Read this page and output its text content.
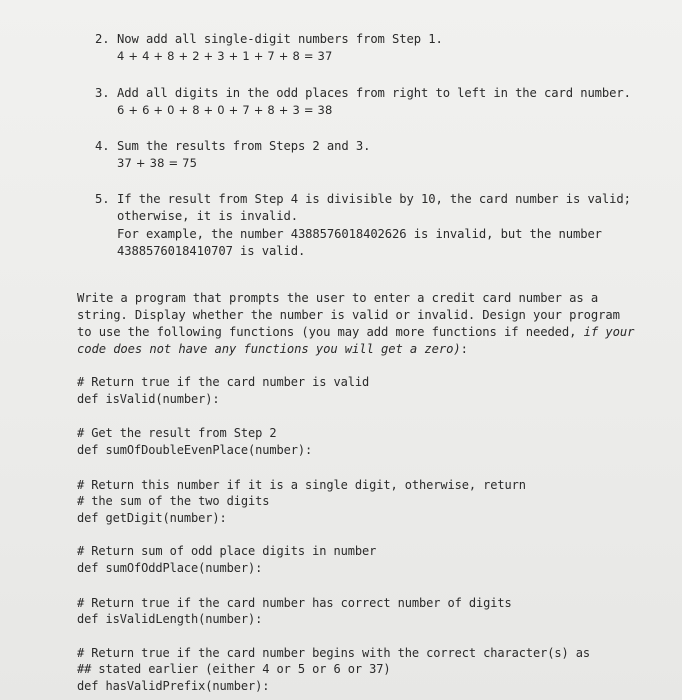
2. Now add all single-digit numbers from Step 1.
4 + 4 + 8 + 2 + 3 + 1 + 7 + 8 = 37
3. Add all digits in the odd places from right to left in the card number.
6 + 6 + 0 + 8 + 0 + 7 + 8 + 3 = 38
4. Sum the results from Steps 2 and 3.
37 + 38 = 75
5. If the result from Step 4 is divisible by 10, the card number is valid;
otherwise, it is invalid.
For example, the number 4388576018402626 is invalid, but the number
4388576018410707 is valid.
Write a program that prompts the user to enter a credit card number as a
string. Display whether the number is valid or invalid. Design your program
to use the following functions (you may add more functions if needed, if your
code does not have any functions you will get a zero):
# Return true if the card number is valid
def isValid(number):
# Get the result from Step 2
def sumOfDoubleEvenPlace(number):
# Return this number if it is a single digit, otherwise, return
# the sum of the two digits
def getDigit(number):
# Return sum of odd place digits in number
def sumOfOddPlace(number):
# Return true if the card number has correct number of digits
def isValidLength(number):
# Return true if the card number begins with the correct character(s) as
## stated earlier (either 4 or 5 or 6 or 37)
def hasValidPrefix(number):
